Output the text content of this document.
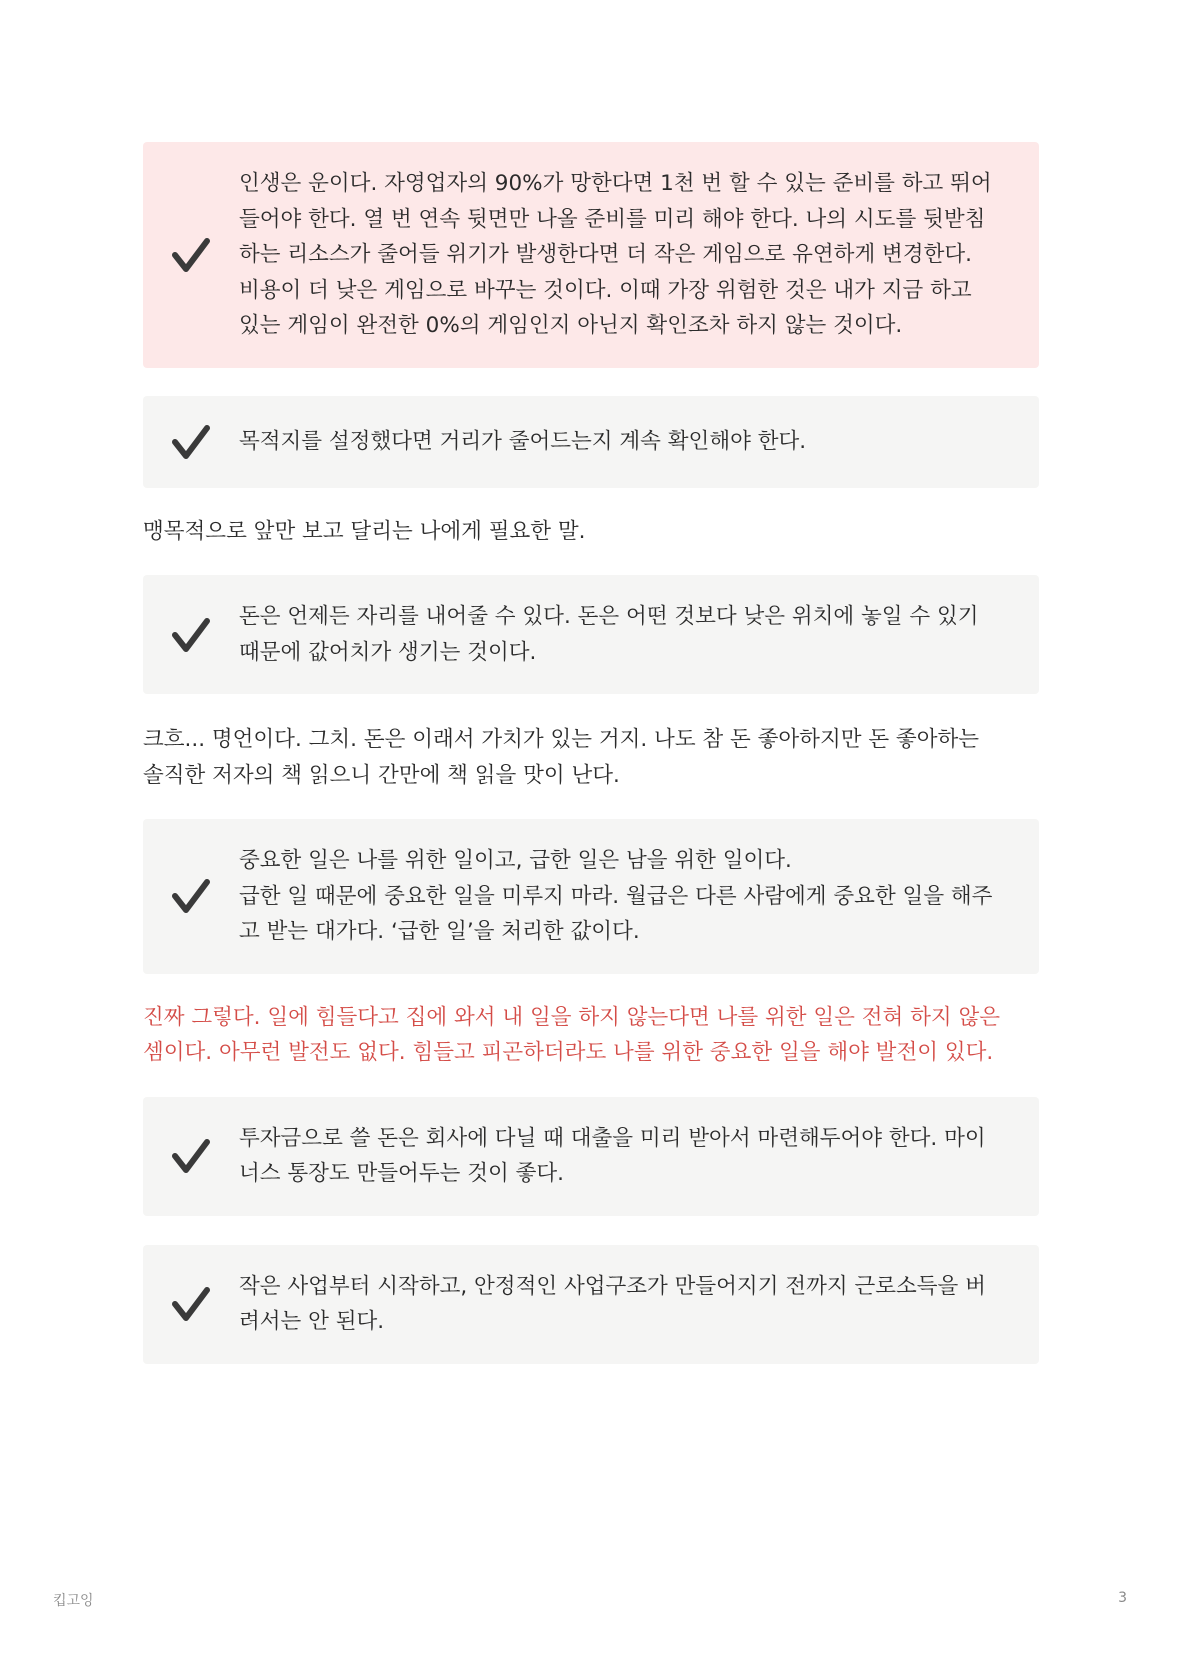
인생은 운이다. 자영업자의 90%가 망한다면 1천 번 할 수 있는 준비를 하고 뛰어
들어야 한다. 열 번 연속 뒷면만 나올 준비를 미리 해야 한다. 나의 시도를 뒷받침
하는 리소스가 줄어들 위기가 발생한다면 더 작은 게임으로 유연하게 변경한다.
비용이 더 낮은 게임으로 바꾸는 것이다. 이때 가장 위험한 것은 내가 지금 하고
있는 게임이 완전한 0%의 게임인지 아닌지 확인조차 하지 않는 것이다.
목적지를 설정했다면 거리가 줄어드는지 계속 확인해야 한다.
맹목적으로 앞만 보고 달리는 나에게 필요한 말.
돈은 언제든 자리를 내어줄 수 있다. 돈은 어떤 것보다 낮은 위치에 놓일 수 있기
때문에 값어치가 생기는 것이다.
크흐... 명언이다. 그치. 돈은 이래서 가치가 있는 거지. 나도 참 돈 좋아하지만 돈 좋아하는
솔직한 저자의 책 읽으니 간만에 책 읽을 맛이 난다.
중요한 일은 나를 위한 일이고, 급한 일은 남을 위한 일이다.
급한 일 때문에 중요한 일을 미루지 마라. 월급은 다른 사람에게 중요한 일을 해주
고 받는 대가다. ‘급한 일’을 처리한 값이다.
진짜 그렇다. 일에 힘들다고 집에 와서 내 일을 하지 않는다면 나를 위한 일은 전혀 하지 않은
셈이다. 아무런 발전도 없다. 힘들고 피곤하더라도 나를 위한 중요한 일을 해야 발전이 있다.
투자금으로 쓸 돈은 회사에 다닐 때 대출을 미리 받아서 마련해두어야 한다. 마이
너스 통장도 만들어두는 것이 좋다.
작은 사업부터 시작하고, 안정적인 사업구조가 만들어지기 전까지 근로소득을 버
려서는 안 된다.
킵고잉	3
